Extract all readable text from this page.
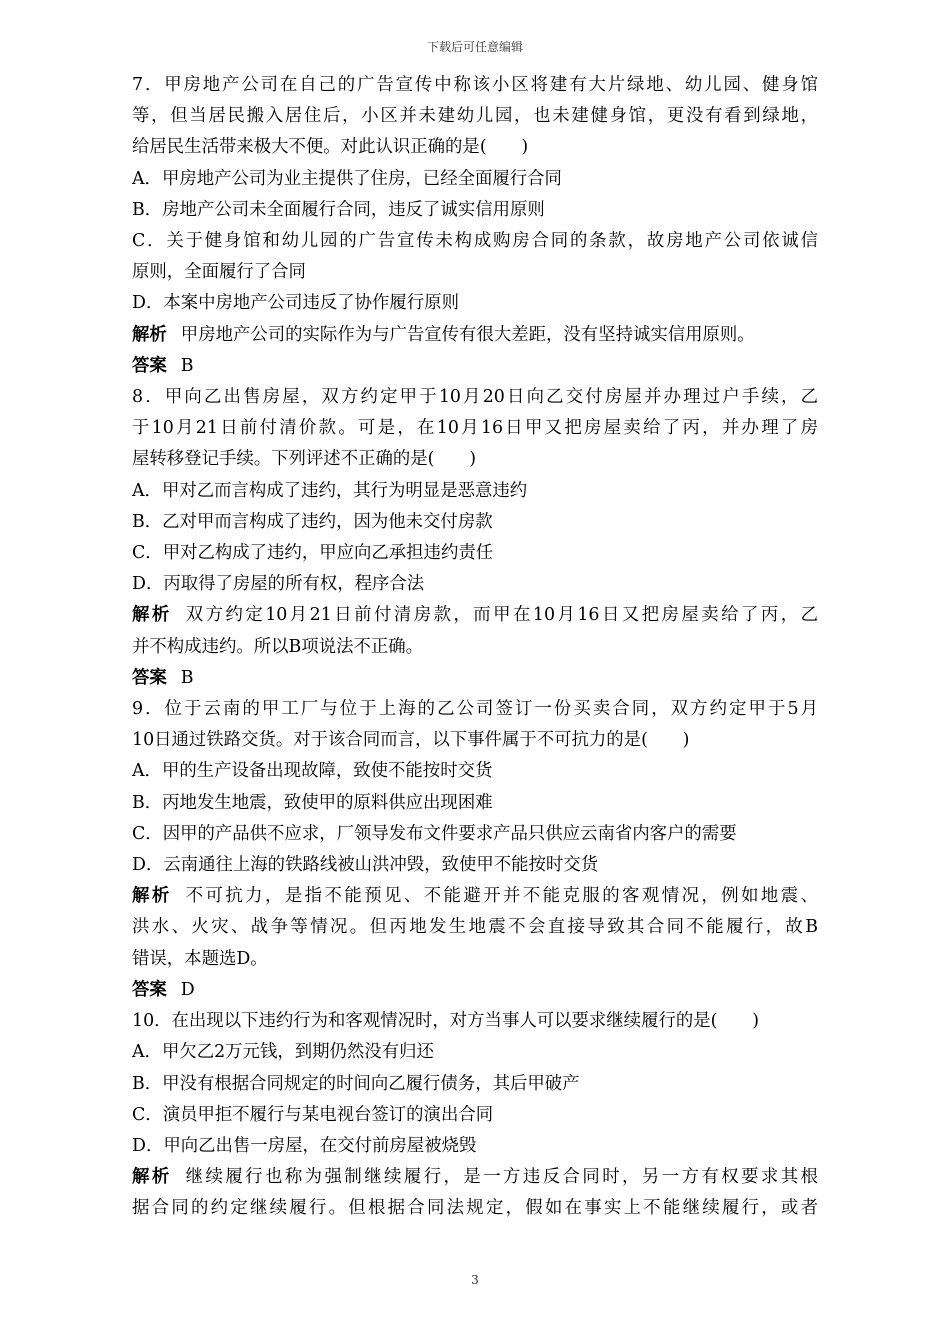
下载后可任意编辑
7．甲房地产公司在自己的广告宣传中称该小区将建有大片绿地、幼儿园、健身馆
等，但当居民搬入居住后，小区并未建幼儿园，也未建健身馆，更没有看到绿地，
给居民生活带来极大不便。对此认识正确的是(　　)
A．甲房地产公司为业主提供了住房，已经全面履行合同
B．房地产公司未全面履行合同，违反了诚实信用原则
C．关于健身馆和幼儿园的广告宣传未构成购房合同的条款，故房地产公司依诚信
原则，全面履行了合同
D．本案中房地产公司违反了协作履行原则
解析 甲房地产公司的实际作为与广告宣传有很大差距，没有坚持诚实信用原则。
答案 B
8．甲向乙出售房屋，双方约定甲于10月20日向乙交付房屋并办理过户手续，乙
于10月21日前付清价款。可是，在10月16日甲又把房屋卖给了丙，并办理了房
屋转移登记手续。下列评述不正确的是(　　)
A．甲对乙而言构成了违约，其行为明显是恶意违约
B．乙对甲而言构成了违约，因为他未交付房款
C．甲对乙构成了违约，甲应向乙承担违约责任
D．丙取得了房屋的所有权，程序合法
解析 双方约定10月21日前付清房款，而甲在10月16日又把房屋卖给了丙，乙
并不构成违约。所以B项说法不正确。
答案 B
9．位于云南的甲工厂与位于上海的乙公司签订一份买卖合同，双方约定甲于5月
10日通过铁路交货。对于该合同而言，以下事件属于不可抗力的是(　　)
A．甲的生产设备出现故障，致使不能按时交货
B．丙地发生地震，致使甲的原料供应出现困难
C．因甲的产品供不应求，厂领导发布文件要求产品只供应云南省内客户的需要
D．云南通往上海的铁路线被山洪冲毁，致使甲不能按时交货
解析 不可抗力，是指不能预见、不能避开并不能克服的客观情况，例如地震、
洪水、火灾、战争等情况。但丙地发生地震不会直接导致其合同不能履行，故B
错误，本题选D。
答案 D
10．在出现以下违约行为和客观情况时，对方当事人可以要求继续履行的是(　　)
A．甲欠乙2万元钱，到期仍然没有归还
B．甲没有根据合同规定的时间向乙履行债务，其后甲破产
C．演员甲拒不履行与某电视台签订的演出合同
D．甲向乙出售一房屋，在交付前房屋被烧毁
解析 继续履行也称为强制继续履行，是一方违反合同时，另一方有权要求其根
据合同的约定继续履行。但根据合同法规定，假如在事实上不能继续履行，或者
3
